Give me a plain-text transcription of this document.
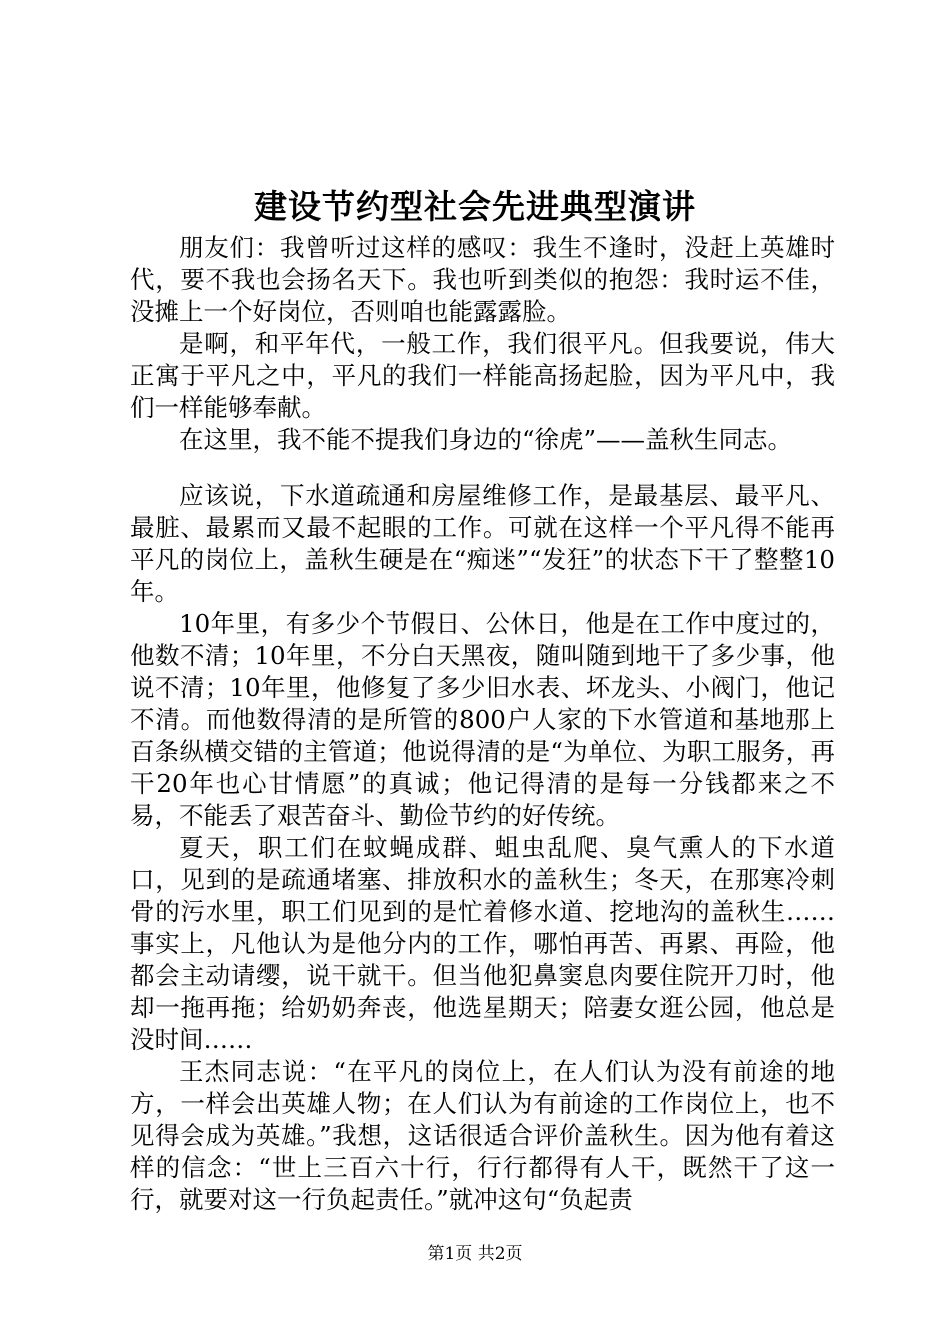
建设节约型社会先进典型演讲

朋友们：我曾听过这样的感叹：我生不逢时，没赶上英雄时代，要不我也会扬名天下。我也听到类似的抱怨：我时运不佳，没摊上一个好岗位，否则咱也能露露脸。

是啊，和平年代，一般工作，我们很平凡。但我要说，伟大正寓于平凡之中，平凡的我们一样能高扬起脸，因为平凡中，我们一样能够奉献。

在这里，我不能不提我们身边的“徐虎”——盖秋生同志。

应该说，下水道疏通和房屋维修工作，是最基层、最平凡、最脏、最累而又最不起眼的工作。可就在这样一个平凡得不能再平凡的岗位上，盖秋生硬是在“痴迷”“发狂”的状态下干了整整10年。

10年里，有多少个节假日、公休日，他是在工作中度过的，他数不清；10年里，不分白天黑夜，随叫随到地干了多少事，他说不清；10年里，他修复了多少旧水表、坏龙头、小阀门，他记不清。而他数得清的是所管的800户人家的下水管道和基地那上百条纵横交错的主管道；他说得清的是“为单位、为职工服务，再干20年也心甘情愿”的真诚；他记得清的是每一分钱都来之不易，不能丢了艰苦奋斗、勤俭节约的好传统。

夏天，职工们在蚊蝇成群、蛆虫乱爬、臭气熏人的下水道口，见到的是疏通堵塞、排放积水的盖秋生；冬天，在那寒冷刺骨的污水里，职工们见到的是忙着修水道、挖地沟的盖秋生……事实上，凡他认为是他分内的工作，哪怕再苦、再累、再险，他都会主动请缨，说干就干。但当他犯鼻窦息肉要住院开刀时，他却一拖再拖；给奶奶奔丧，他选星期天；陪妻女逛公园，他总是没时间……

王杰同志说：“在平凡的岗位上，在人们认为没有前途的地方，一样会出英雄人物；在人们认为有前途的工作岗位上，也不见得会成为英雄。”我想，这话很适合评价盖秋生。因为他有着这样的信念：“世上三百六十行，行行都得有人干，既然干了这一行，就要对这一行负起责任。”就冲这句“负起责

第1页 共2页
